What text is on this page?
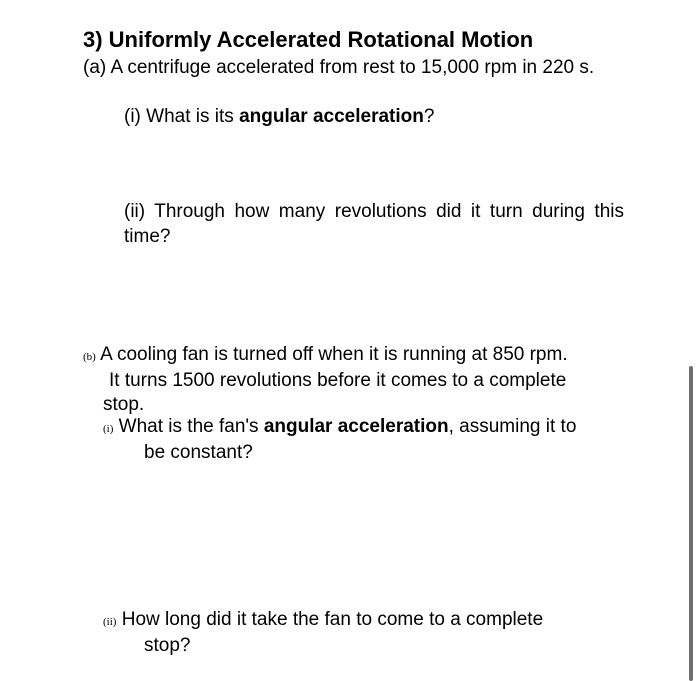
3) Uniformly Accelerated Rotational Motion
(a) A centrifuge accelerated from rest to 15,000 rpm in 220 s.
(i) What is its angular acceleration?
(ii) Through how many revolutions did it turn during this time?
(b) A cooling fan is turned off when it is running at 850 rpm.
It turns 1500 revolutions before it comes to a complete
stop.
(i) What is the fan's angular acceleration, assuming it to
be constant?
(ii) How long did it take the fan to come to a complete
stop?
